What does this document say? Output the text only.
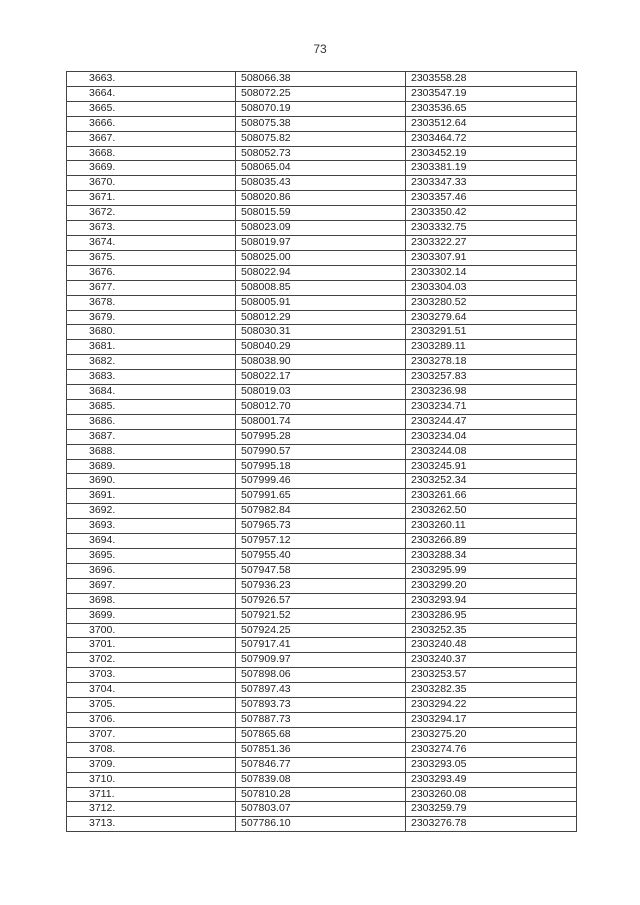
73
3663.	508066.38	2303558.28
3664.	508072.25	2303547.19
3665.	508070.19	2303536.65
3666.	508075.38	2303512.64
3667.	508075.82	2303464.72
3668.	508052.73	2303452.19
3669.	508065.04	2303381.19
3670.	508035.43	2303347.33
3671.	508020.86	2303357.46
3672.	508015.59	2303350.42
3673.	508023.09	2303332.75
3674.	508019.97	2303322.27
3675.	508025.00	2303307.91
3676.	508022.94	2303302.14
3677.	508008.85	2303304.03
3678.	508005.91	2303280.52
3679.	508012.29	2303279.64
3680.	508030.31	2303291.51
3681.	508040.29	2303289.11
3682.	508038.90	2303278.18
3683.	508022.17	2303257.83
3684.	508019.03	2303236.98
3685.	508012.70	2303234.71
3686.	508001.74	2303244.47
3687.	507995.28	2303234.04
3688.	507990.57	2303244.08
3689.	507995.18	2303245.91
3690.	507999.46	2303252.34
3691.	507991.65	2303261.66
3692.	507982.84	2303262.50
3693.	507965.73	2303260.11
3694.	507957.12	2303266.89
3695.	507955.40	2303288.34
3696.	507947.58	2303295.99
3697.	507936.23	2303299.20
3698.	507926.57	2303293.94
3699.	507921.52	2303286.95
3700.	507924.25	2303252.35
3701.	507917.41	2303240.48
3702.	507909.97	2303240.37
3703.	507898.06	2303253.57
3704.	507897.43	2303282.35
3705.	507893.73	2303294.22
3706.	507887.73	2303294.17
3707.	507865.68	2303275.20
3708.	507851.36	2303274.76
3709.	507846.77	2303293.05
3710.	507839.08	2303293.49
3711.	507810.28	2303260.08
3712.	507803.07	2303259.79
3713.	507786.10	2303276.78
